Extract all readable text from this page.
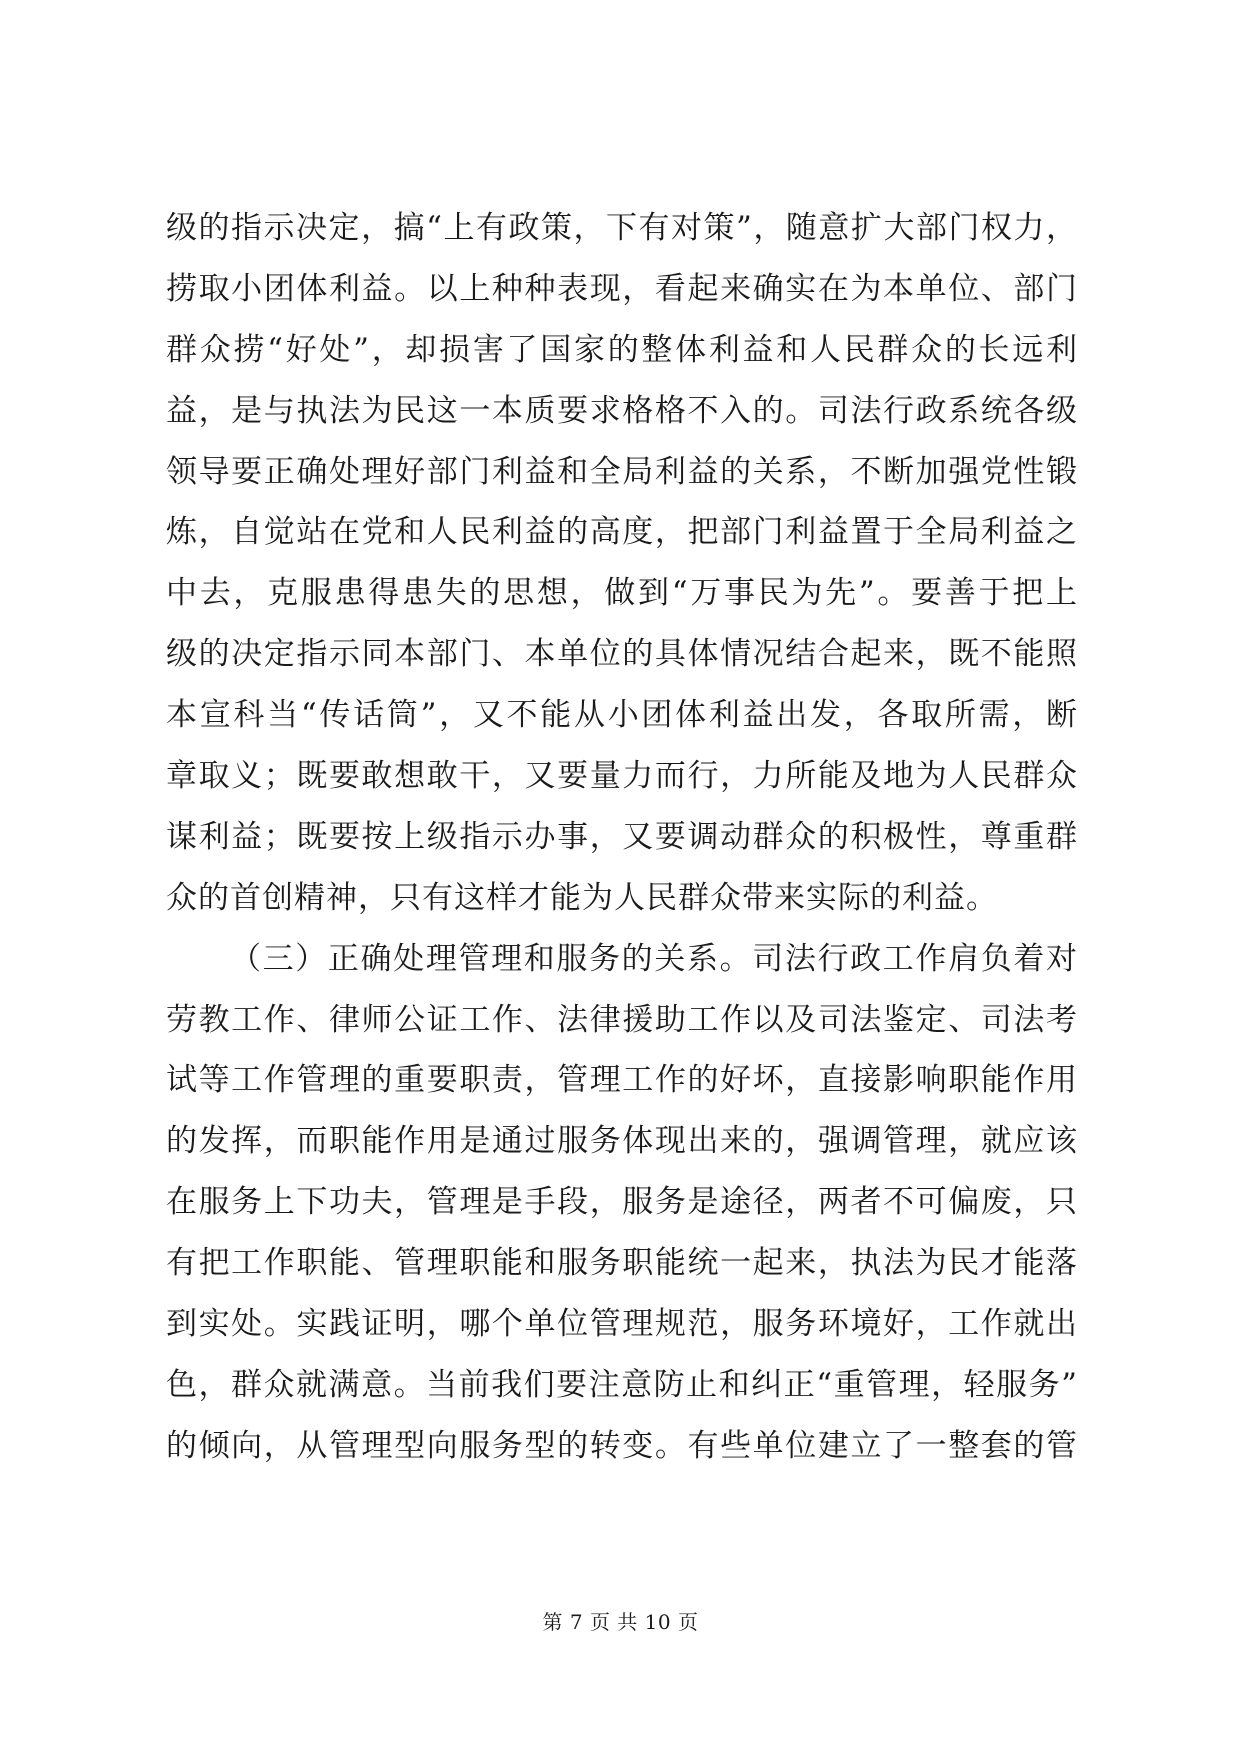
级的指示决定，搞“上有政策，下有对策”，随意扩大部门权力，
捞取小团体利益。以上种种表现，看起来确实在为本单位、部门
群众捞“好处”，却损害了国家的整体利益和人民群众的长远利
益，是与执法为民这一本质要求格格不入的。司法行政系统各级
领导要正确处理好部门利益和全局利益的关系，不断加强党性锻
炼，自觉站在党和人民利益的高度，把部门利益置于全局利益之
中去，克服患得患失的思想，做到“万事民为先”。要善于把上
级的决定指示同本部门、本单位的具体情况结合起来，既不能照
本宣科当“传话筒”，又不能从小团体利益出发，各取所需，断
章取义；既要敢想敢干，又要量力而行，力所能及地为人民群众
谋利益；既要按上级指示办事，又要调动群众的积极性，尊重群
众的首创精神，只有这样才能为人民群众带来实际的利益。
（三）正确处理管理和服务的关系。司法行政工作肩负着对
劳教工作、律师公证工作、法律援助工作以及司法鉴定、司法考
试等工作管理的重要职责，管理工作的好坏，直接影响职能作用
的发挥，而职能作用是通过服务体现出来的，强调管理，就应该
在服务上下功夫，管理是手段，服务是途径，两者不可偏废，只
有把工作职能、管理职能和服务职能统一起来，执法为民才能落
到实处。实践证明，哪个单位管理规范，服务环境好，工作就出
色，群众就满意。当前我们要注意防止和纠正“重管理，轻服务”
的倾向，从管理型向服务型的转变。有些单位建立了一整套的管
第 7 页 共 10 页
